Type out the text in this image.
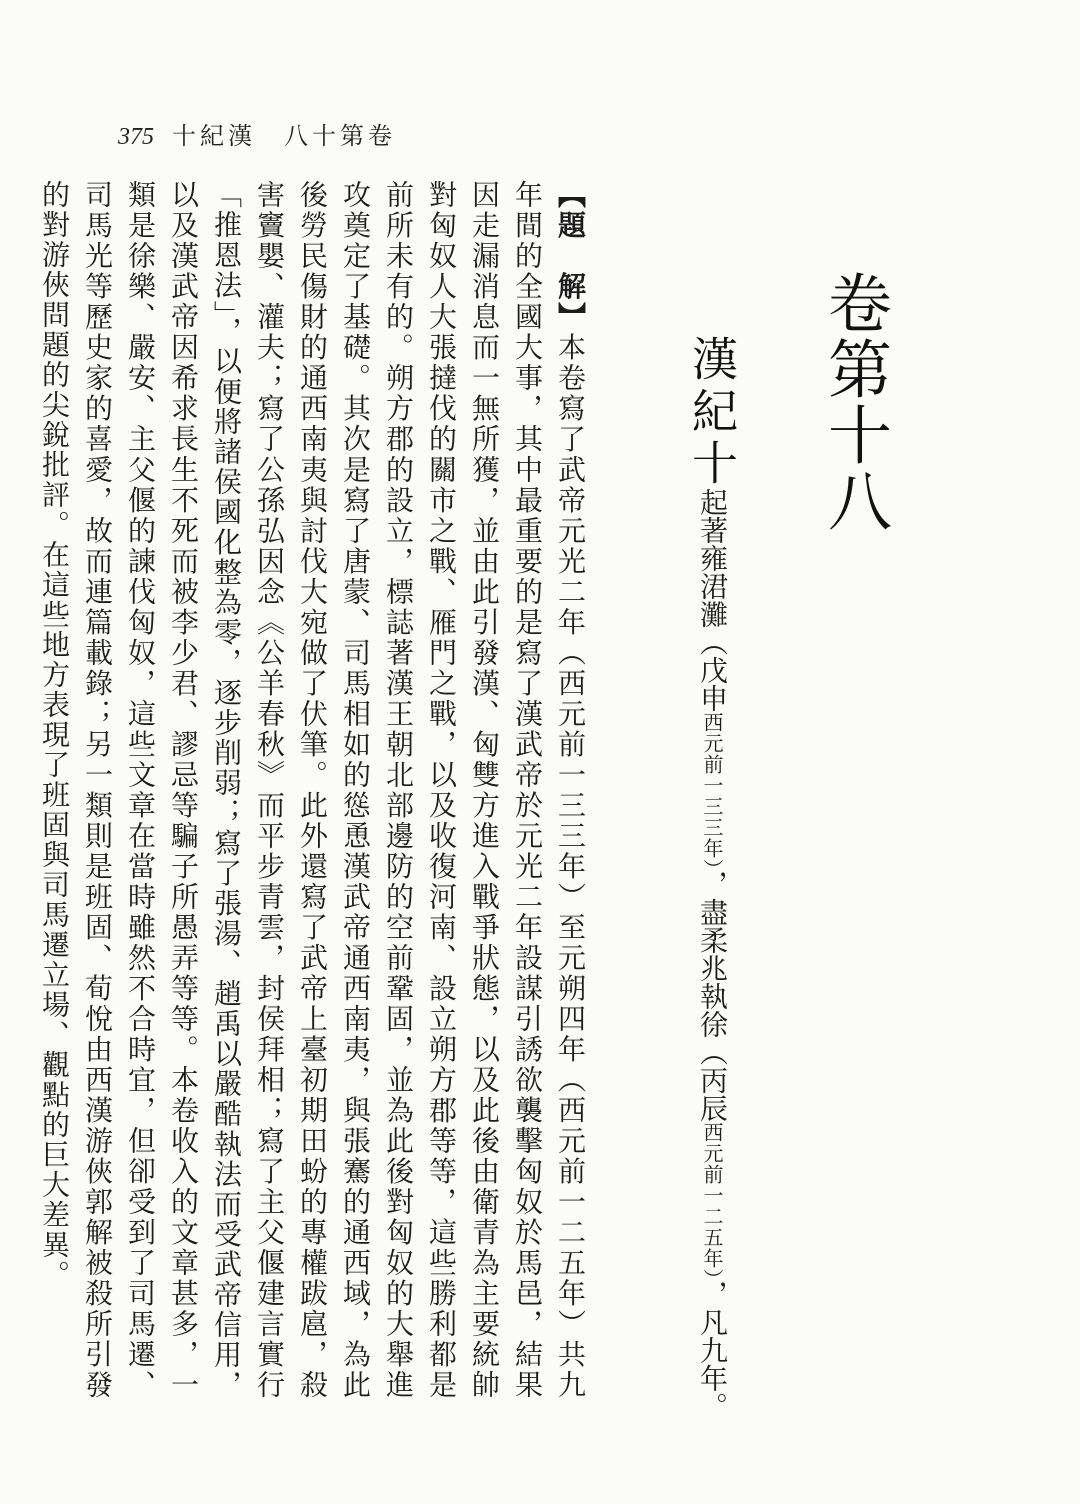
375 十紀漢　八十第卷
卷第十八
漢紀十
起著雍涒灘（戊申西元前一三三年），盡柔兆執徐（丙辰西元前一二五年），凡九年。
【題　解】本卷寫了武帝元光二年（西元前一三三年）至元朔四年（西元前一二五年）共九年間的全國大事，其中最重要的是寫了漢武帝於元光二年設謀引誘欲襲擊匈奴於馬邑，結果因走漏消息而一無所獲，並由此引發漢、匈雙方進入戰爭狀態，以及此後由衛青為主要統帥對匈奴人大張撻伐的關市之戰、雁門之戰，以及收復河南、設立朔方郡等等，這些勝利都是前所未有的。朔方郡的設立，標誌著漢王朝北部邊防的空前鞏固，並為此後對匈奴的大舉進攻奠定了基礎。其次是寫了唐蒙、司馬相如的慫恿漢武帝通西南夷，與張騫的通西域，為此後勞民傷財的通西南夷與討伐大宛做了伏筆。此外還寫了武帝上臺初期田蚡的專權跋扈，殺害竇嬰、灌夫；寫了公孫弘因念《公羊春秋》而平步青雲，封侯拜相；寫了主父偃建言實行「推恩法」，以便將諸侯國化整為零，逐步削弱；寫了張湯、趙禹以嚴酷執法而受武帝信用，以及漢武帝因希求長生不死而被李少君、謬忌等騙子所愚弄等等。本卷收入的文章甚多，一類是徐樂、嚴安、主父偃的諫伐匈奴，這些文章在當時雖然不合時宜，但卻受到了司馬遷、司馬光等歷史家的喜愛，故而連篇載錄；另一類則是班固、荀悅由西漢游俠郭解被殺所引發的對游俠問題的尖銳批評。在這些地方表現了班固與司馬遷立場、觀點的巨大差異。
